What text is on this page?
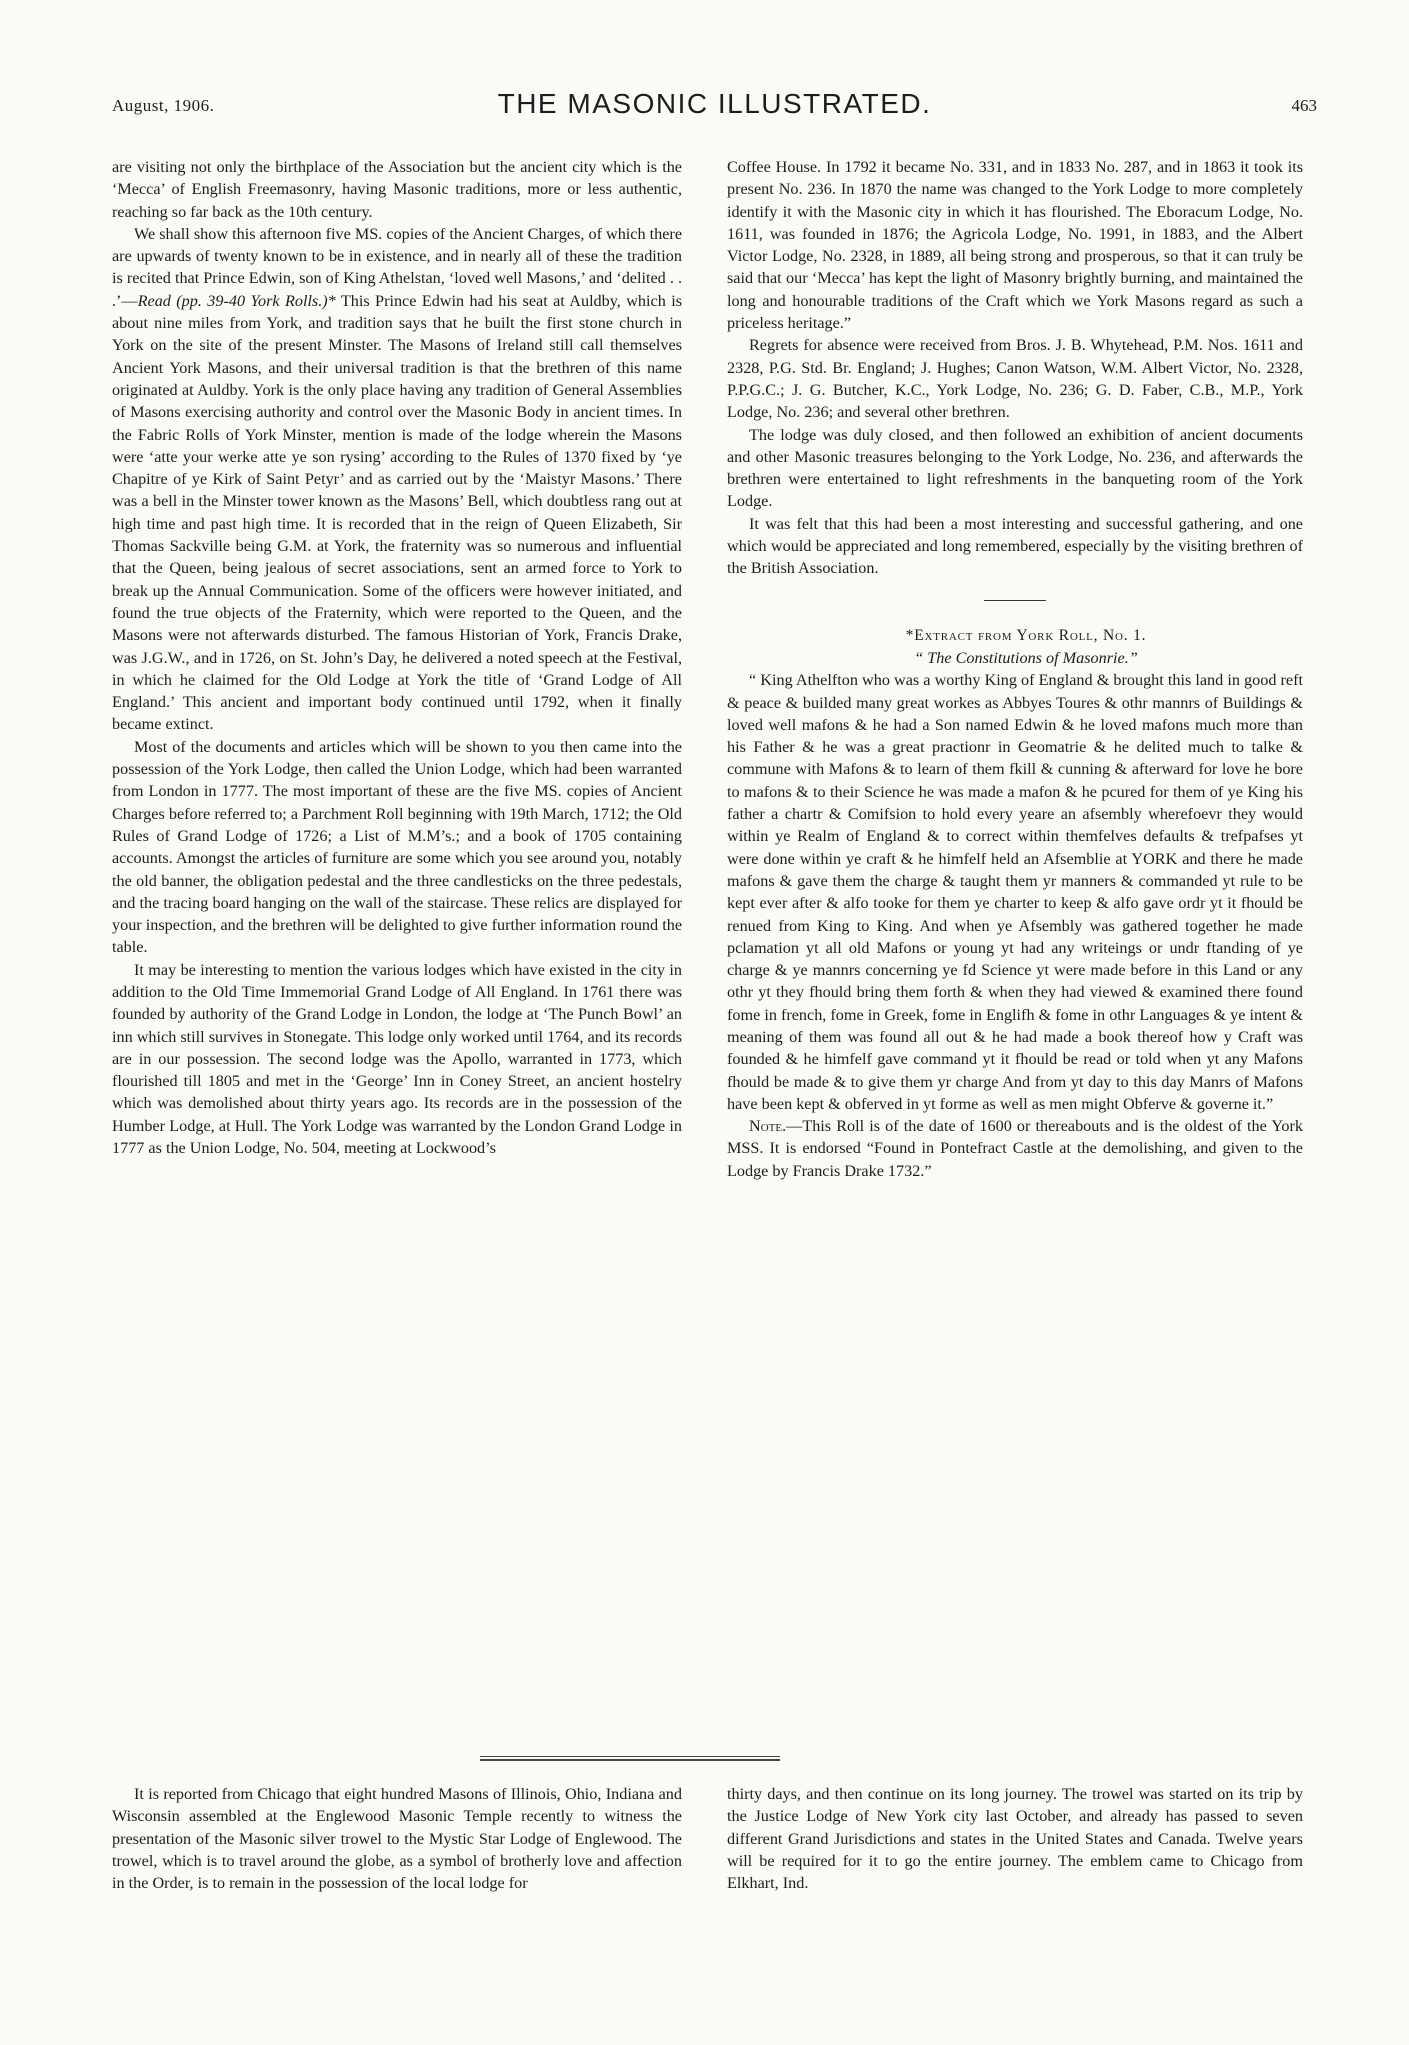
August, 1906.	THE MASONIC ILLUSTRATED.	463

are visiting not only the birthplace of the Association but the ancient city which is the ‘Mecca’ of English Freemasonry, having Masonic traditions, more or less authentic, reaching so far back as the 10th century.

We shall show this afternoon five MS. copies of the Ancient Charges, of which there are upwards of twenty known to be in existence, and in nearly all of these the tradition is recited that Prince Edwin, son of King Athelstan, ‘loved well Masons,’ and ‘delited . . .’—Read (pp. 39-40 York Rolls.)* This Prince Edwin had his seat at Auldby, which is about nine miles from York, and tradition says that he built the first stone church in York on the site of the present Minster. The Masons of Ireland still call themselves Ancient York Masons, and their universal tradition is that the brethren of this name originated at Auldby. York is the only place having any tradition of General Assemblies of Masons exercising authority and control over the Masonic Body in ancient times. In the Fabric Rolls of York Minster, mention is made of the lodge wherein the Masons were ‘atte your werke atte ye son rysing’ according to the Rules of 1370 fixed by ‘ye Chapitre of ye Kirk of Saint Petyr’ and as carried out by the ‘Maistyr Masons.’ There was a bell in the Minster tower known as the Masons’ Bell, which doubtless rang out at high time and past high time. It is recorded that in the reign of Queen Elizabeth, Sir Thomas Sackville being G.M. at York, the fraternity was so numerous and influential that the Queen, being jealous of secret associations, sent an armed force to York to break up the Annual Communication. Some of the officers were however initiated, and found the true objects of the Fraternity, which were reported to the Queen, and the Masons were not afterwards disturbed. The famous Historian of York, Francis Drake, was J.G.W., and in 1726, on St. John’s Day, he delivered a noted speech at the Festival, in which he claimed for the Old Lodge at York the title of ‘Grand Lodge of All England.’ This ancient and important body continued until 1792, when it finally became extinct.

Most of the documents and articles which will be shown to you then came into the possession of the York Lodge, then called the Union Lodge, which had been warranted from London in 1777. The most important of these are the five MS. copies of Ancient Charges before referred to; a Parchment Roll beginning with 19th March, 1712; the Old Rules of Grand Lodge of 1726; a List of M.M’s.; and a book of 1705 containing accounts. Amongst the articles of furniture are some which you see around you, notably the old banner, the obligation pedestal and the three candlesticks on the three pedestals, and the tracing board hanging on the wall of the staircase. These relics are displayed for your inspection, and the brethren will be delighted to give further information round the table.

It may be interesting to mention the various lodges which have existed in the city in addition to the Old Time Immemorial Grand Lodge of All England. In 1761 there was founded by authority of the Grand Lodge in London, the lodge at ‘The Punch Bowl’ an inn which still survives in Stonegate. This lodge only worked until 1764, and its records are in our possession. The second lodge was the Apollo, warranted in 1773, which flourished till 1805 and met in the ‘George’ Inn in Coney Street, an ancient hostelry which was demolished about thirty years ago. Its records are in the possession of the Humber Lodge, at Hull. The York Lodge was warranted by the London Grand Lodge in 1777 as the Union Lodge, No. 504, meeting at Lockwood’s

Coffee House. In 1792 it became No. 331, and in 1833 No. 287, and in 1863 it took its present No. 236. In 1870 the name was changed to the York Lodge to more completely identify it with the Masonic city in which it has flourished. The Eboracum Lodge, No. 1611, was founded in 1876; the Agricola Lodge, No. 1991, in 1883, and the Albert Victor Lodge, No. 2328, in 1889, all being strong and prosperous, so that it can truly be said that our ‘Mecca’ has kept the light of Masonry brightly burning, and maintained the long and honourable traditions of the Craft which we York Masons regard as such a priceless heritage.”

Regrets for absence were received from Bros. J. B. Whytehead, P.M. Nos. 1611 and 2328, P.G. Std. Br. England; J. Hughes; Canon Watson, W.M. Albert Victor, No. 2328, P.P.G.C.; J. G. Butcher, K.C., York Lodge, No. 236; G. D. Faber, C.B., M.P., York Lodge, No. 236; and several other brethren.

The lodge was duly closed, and then followed an exhibition of ancient documents and other Masonic treasures belonging to the York Lodge, No. 236, and afterwards the brethren were entertained to light refreshments in the banqueting room of the York Lodge.

It was felt that this had been a most interesting and successful gathering, and one which would be appreciated and long remembered, especially by the visiting brethren of the British Association.

*Extract from York Roll, No. 1.

“ The Constitutions of Masonrie.”

“ King Athelfton who was a worthy King of England & brought this land in good reft & peace & builded many great workes as Abbyes Toures & othr mannrs of Buildings & loved well mafons & he had a Son named Edwin & he loved mafons much more than his Father & he was a great practionr in Geomatrie & he delited much to talke & commune with Mafons & to learn of them fkill & cunning & afterward for love he bore to mafons & to their Science he was made a mafon & he pcured for them of ye King his father a chartr & Comifsion to hold every yeare an afsembly wherefoevr they would within ye Realm of England & to correct within themfelves defaults & trefpafses yt were done within ye craft & he himfelf held an Afsemblie at YORK and there he made mafons & gave them the charge & taught them yr manners & commanded yt rule to be kept ever after & alfo tooke for them ye charter to keep & alfo gave ordr yt it fhould be renued from King to King. And when ye Afsembly was gathered together he made pclamation yt all old Mafons or young yt had any writeings or undr ftanding of ye charge & ye mannrs concerning ye fd Science yt were made before in this Land or any othr yt they fhould bring them forth & when they had viewed & examined there found fome in french, fome in Greek, fome in Englifh & fome in othr Languages & ye intent & meaning of them was found all out & he had made a book thereof how y Craft was founded & he himfelf gave command yt it fhould be read or told when yt any Mafons fhould be made & to give them yr charge And from yt day to this day Manrs of Mafons have been kept & obferved in yt forme as well as men might Obferve & governe it.”

Note.—This Roll is of the date of 1600 or thereabouts and is the oldest of the York MSS. It is endorsed “Found in Pontefract Castle at the demolishing, and given to the Lodge by Francis Drake 1732.”

It is reported from Chicago that eight hundred Masons of Illinois, Ohio, Indiana and Wisconsin assembled at the Englewood Masonic Temple recently to witness the presentation of the Masonic silver trowel to the Mystic Star Lodge of Englewood. The trowel, which is to travel around the globe, as a symbol of brotherly love and affection in the Order, is to remain in the possession of the local lodge for

thirty days, and then continue on its long journey. The trowel was started on its trip by the Justice Lodge of New York city last October, and already has passed to seven different Grand Jurisdictions and states in the United States and Canada. Twelve years will be required for it to go the entire journey. The emblem came to Chicago from Elkhart, Ind.
